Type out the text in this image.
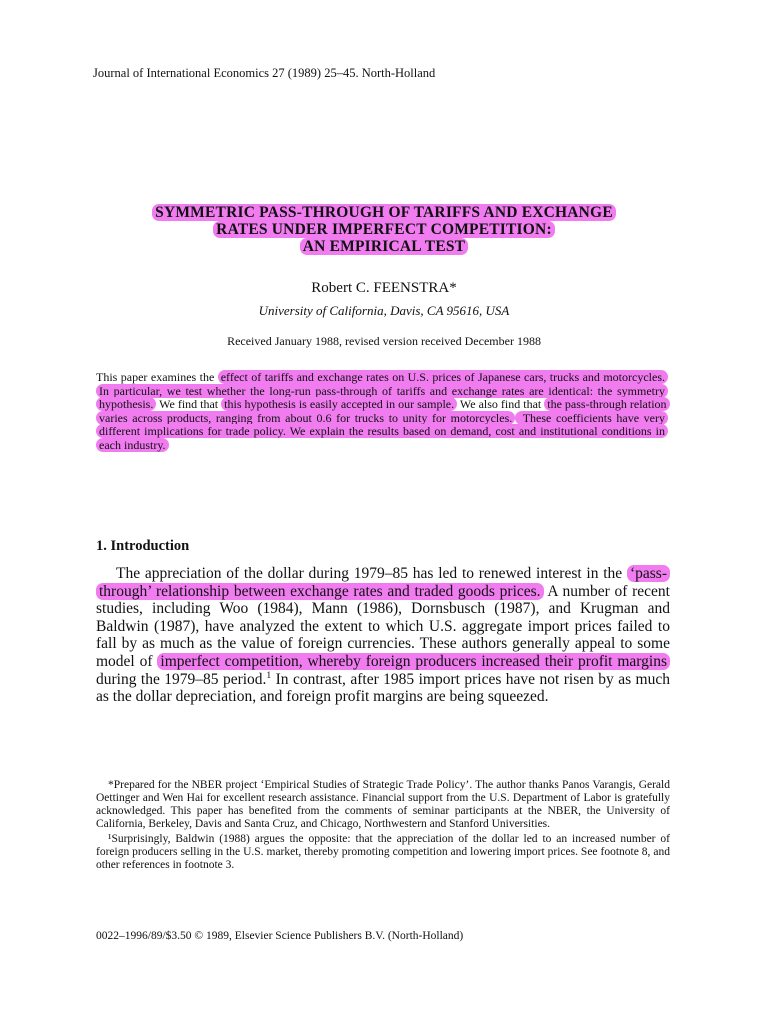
Journal of International Economics 27 (1989) 25–45. North-Holland
SYMMETRIC PASS-THROUGH OF TARIFFS AND EXCHANGE
RATES UNDER IMPERFECT COMPETITION:
AN EMPIRICAL TEST
Robert C. FEENSTRA*
University of California, Davis, CA 95616, USA
Received January 1988, revised version received December 1988
This paper examines the effect of tariffs and exchange rates on U.S. prices of Japanese cars, trucks and motorcycles. In particular, we test whether the long-run pass-through of tariffs and exchange rates are identical: the symmetry hypothesis. We find that this hypothesis is easily accepted in our sample. We also find that the pass-through relation varies across products, ranging from about 0.6 for trucks to unity for motorcycles. These coefficients have very different implications for trade policy. We explain the results based on demand, cost and institutional conditions in each industry.
1. Introduction
The appreciation of the dollar during 1979–85 has led to renewed interest in the ‘pass-through’ relationship between exchange rates and traded goods prices. A number of recent studies, including Woo (1984), Mann (1986), Dornsbusch (1987), and Krugman and Baldwin (1987), have analyzed the extent to which U.S. aggregate import prices failed to fall by as much as the value of foreign currencies. These authors generally appeal to some model of imperfect competition, whereby foreign producers increased their profit margins during the 1979–85 period.$^1$ In contrast, after 1985 import prices have not risen by as much as the dollar depreciation, and foreign profit margins are being squeezed.

*Prepared for the NBER project ‘Empirical Studies of Strategic Trade Policy’. The author thanks Panos Varangis, Gerald Oettinger and Wen Hai for excellent research assistance. Financial support from the U.S. Department of Labor is gratefully acknowledged. This paper has benefited from the comments of seminar participants at the NBER, the University of California, Berkeley, Davis and Santa Cruz, and Chicago, Northwestern and Stanford Universities.

¹Surprisingly, Baldwin (1988) argues the opposite: that the appreciation of the dollar led to an increased number of foreign producers selling in the U.S. market, thereby promoting competition and lowering import prices. See footnote 8, and other references in footnote 3.

0022–1996/89/$3.50 © 1989, Elsevier Science Publishers B.V. (North-Holland)
